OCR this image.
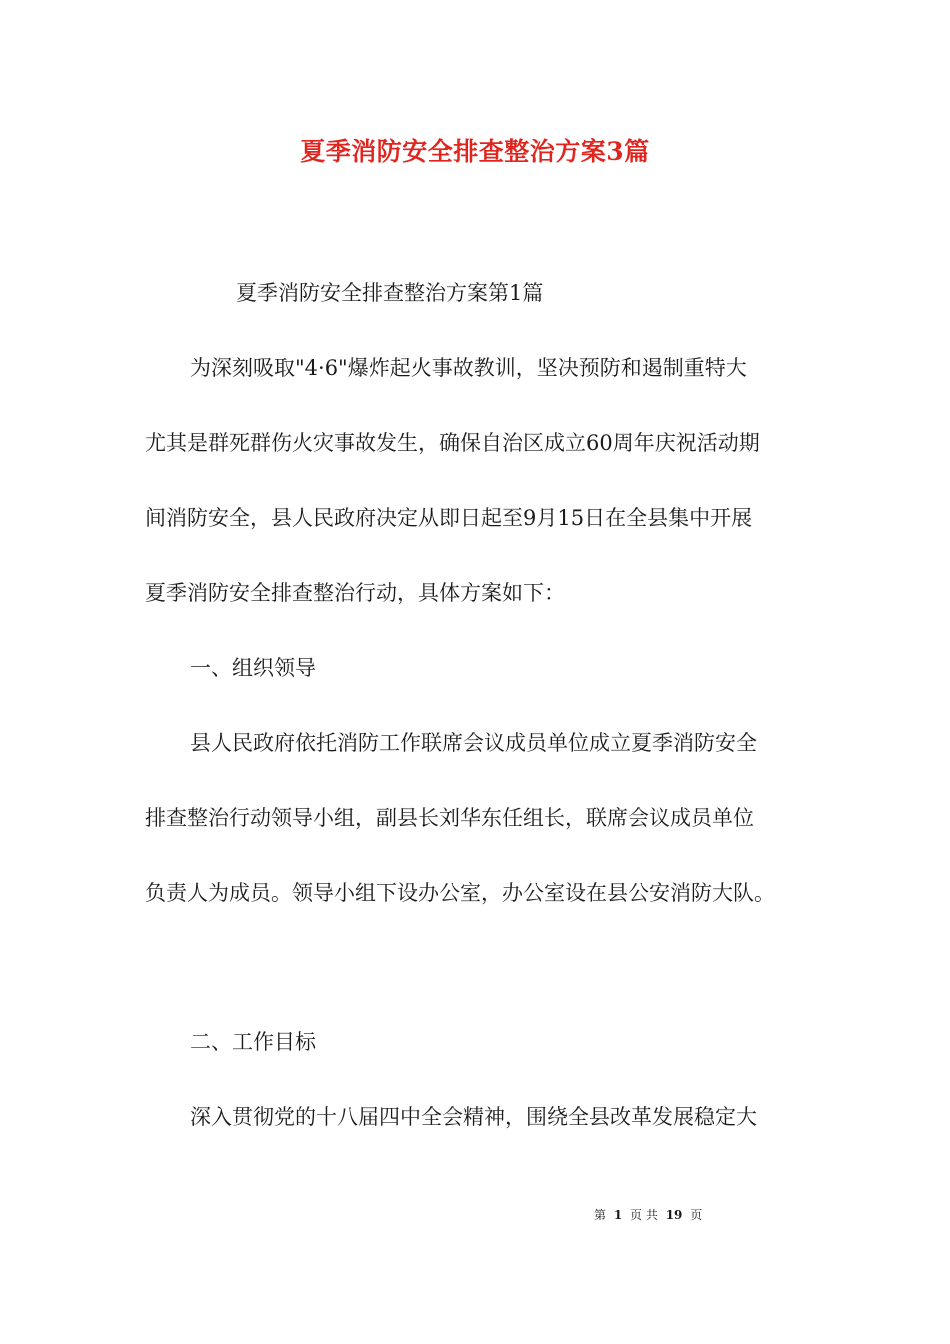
夏季消防安全排查整治方案3篇
夏季消防安全排查整治方案第1篇
为深刻吸取"4·6"爆炸起火事故教训，坚决预防和遏制重特大
尤其是群死群伤火灾事故发生，确保自治区成立60周年庆祝活动期
间消防安全，县人民政府决定从即日起至9月15日在全县集中开展
夏季消防安全排查整治行动，具体方案如下：
一、组织领导
县人民政府依托消防工作联席会议成员单位成立夏季消防安全
排查整治行动领导小组，副县长刘华东任组长，联席会议成员单位
负责人为成员。领导小组下设办公室，办公室设在县公安消防大队。
二、工作目标
深入贯彻党的十八届四中全会精神，围绕全县改革发展稳定大
第 1 页 共 19 页
